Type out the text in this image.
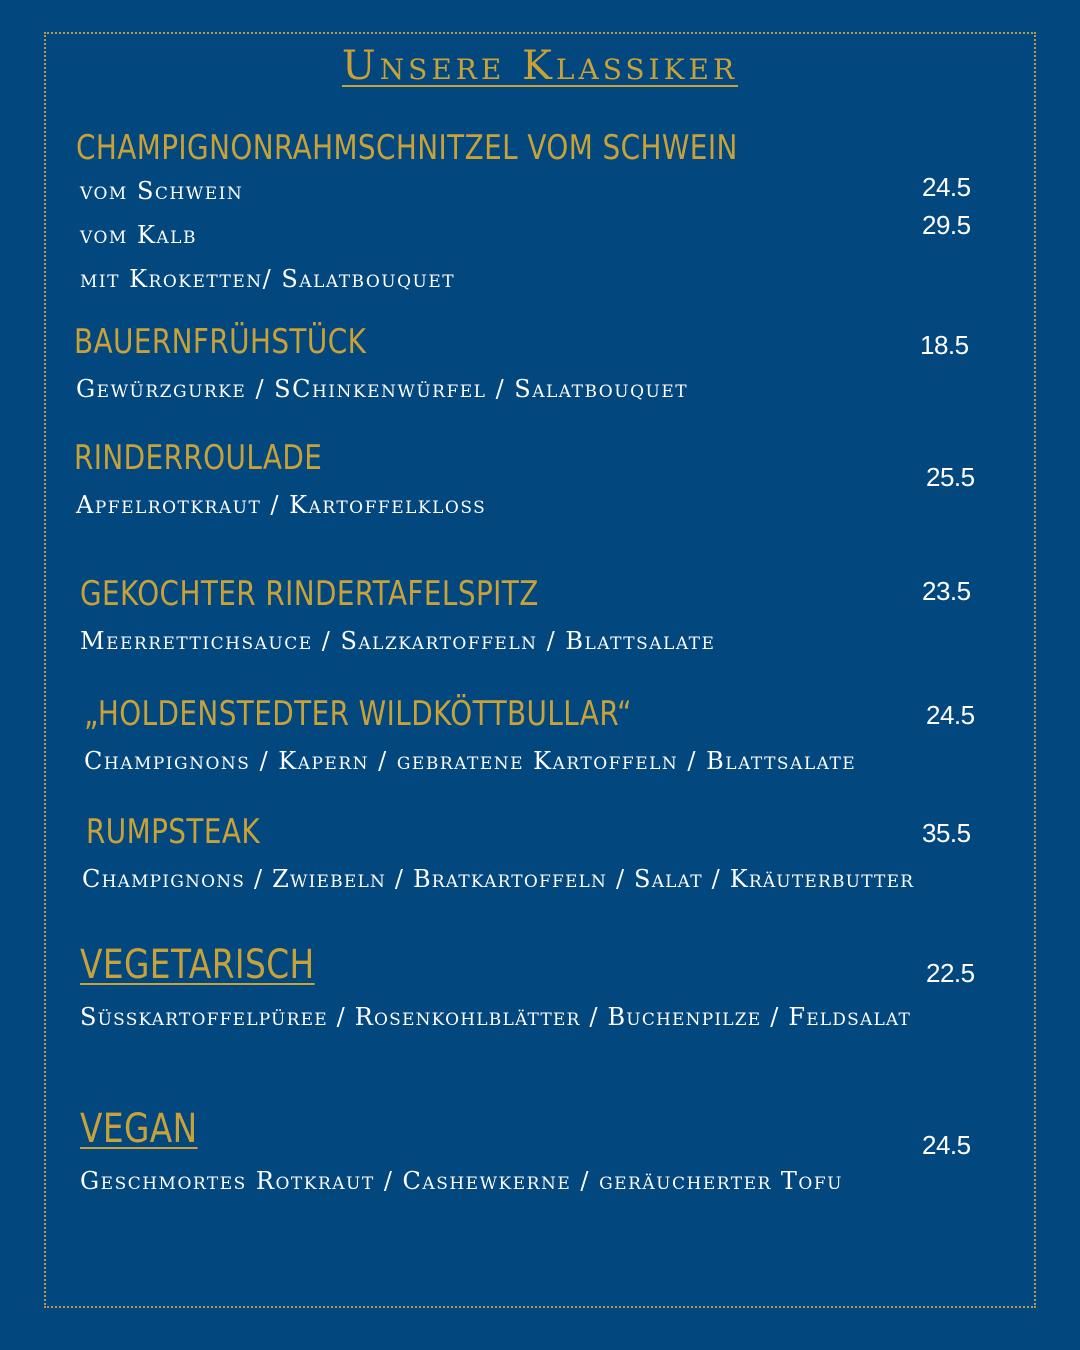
Unsere Klassiker
CHAMPIGNONRAHMSCHNITZEL VOM SCHWEIN
vom Schwein
vom Kalb
mit Kroketten/ Salatbouquet
24.5
29.5
BAUERNFRÜHSTÜCK
Gewürzgurke / SChinkenwürfel / Salatbouquet
18.5
RINDERROULADE
Apfelrotkraut / Kartoffelkloss
25.5
GEKOCHTER RINDERTAFELSPITZ
Meerrettichsauce / Salzkartoffeln / Blattsalate
23.5
„HOLDENSTEDTER WILDKÖTTBULLAR“
Champignons / Kapern / gebratene Kartoffeln / Blattsalate
24.5
RUMPSTEAK
Champignons / Zwiebeln / Bratkartoffeln / Salat / Kräuterbutter
35.5
VEGETARISCH
Süsskartoffelpüree / Rosenkohlblätter / Buchenpilze / Feldsalat
22.5
VEGAN
Geschmortes Rotkraut / Cashewkerne / geräucherter Tofu
24.5
